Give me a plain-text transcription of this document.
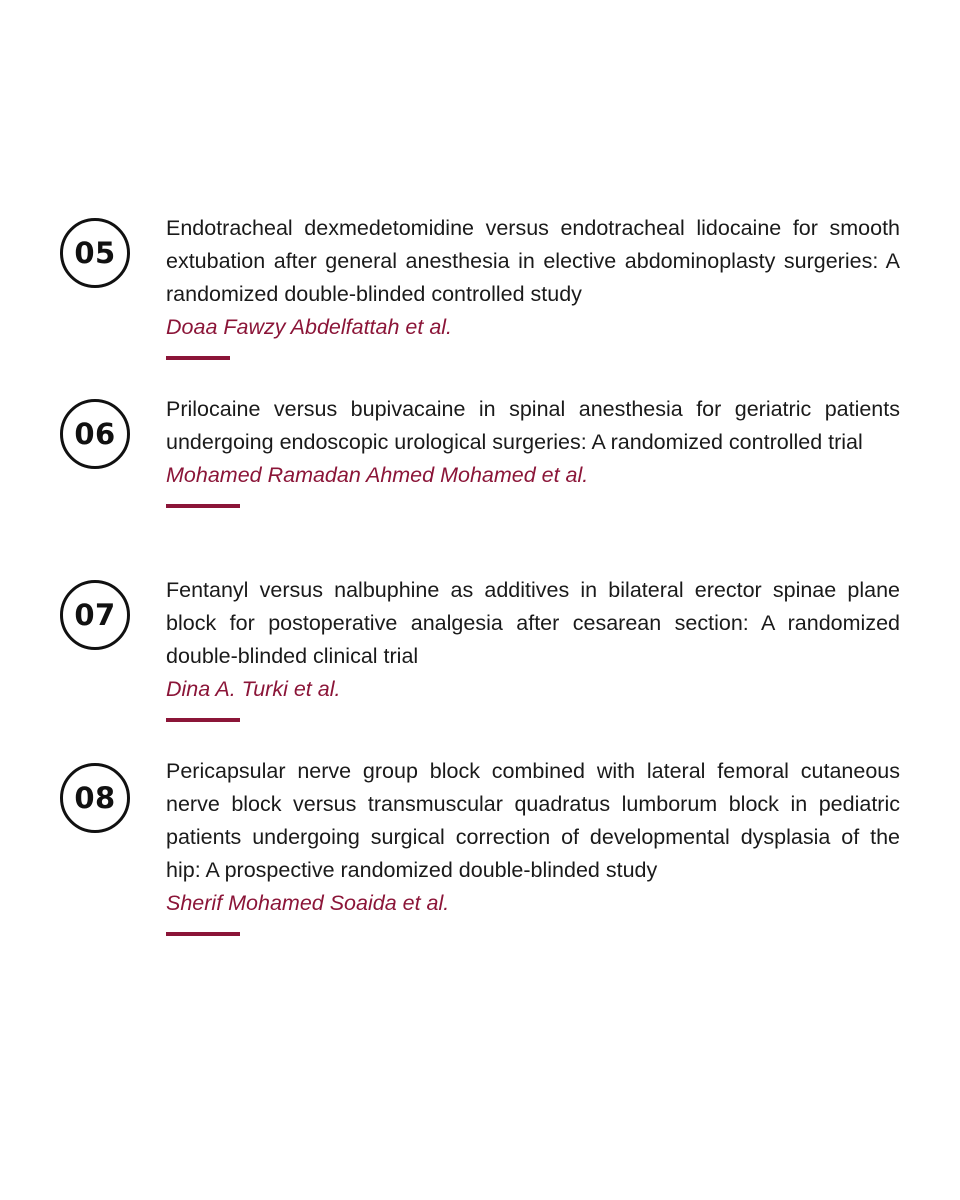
05

Endotracheal dexmedetomidine versus endotracheal lidocaine for smooth extubation after general anesthesia in elective abdominoplasty surgeries: A randomized double-blinded controlled study

Doaa Fawzy Abdelfattah et al.

06

Prilocaine versus bupivacaine in spinal anesthesia for geriatric patients undergoing endoscopic urological surgeries: A randomized controlled trial

Mohamed Ramadan Ahmed Mohamed et al.

07

Fentanyl versus nalbuphine as additives in bilateral erector spinae plane block for postoperative analgesia after cesarean section: A randomized double-blinded clinical trial

Dina A. Turki et al.

08

Pericapsular nerve group block combined with lateral femoral cutaneous nerve block versus transmuscular quadratus lumborum block in pediatric patients undergoing surgical correction of developmental dysplasia of the hip: A prospective randomized double-blinded study

Sherif Mohamed Soaida et al.
